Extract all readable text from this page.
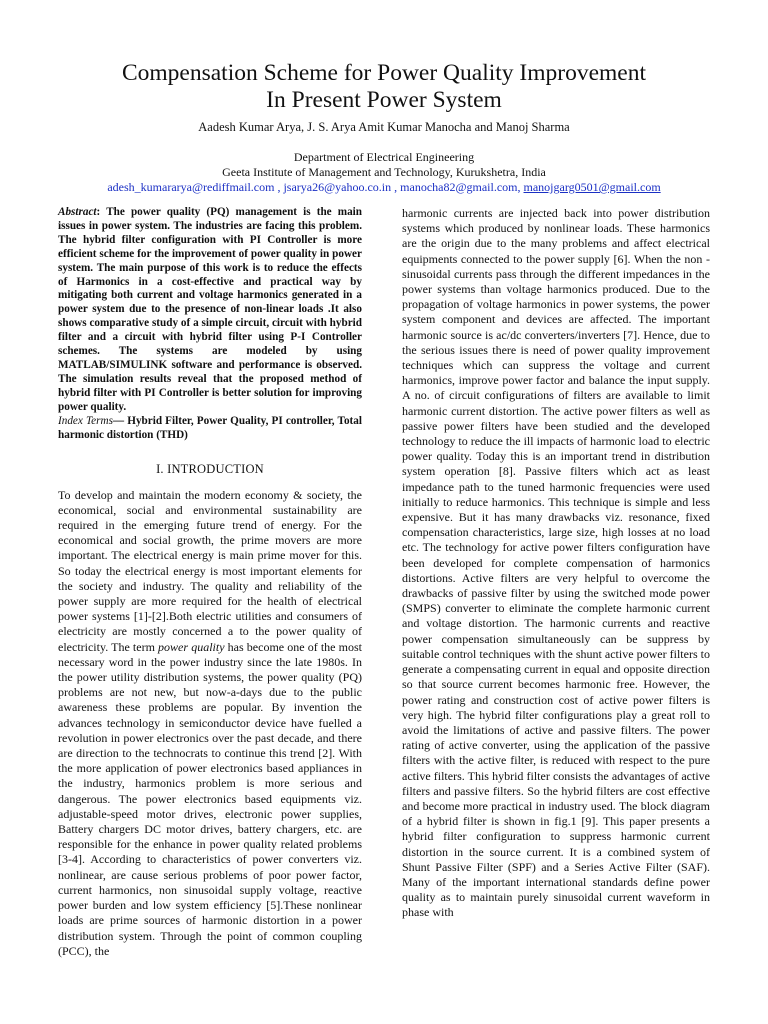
Compensation Scheme for Power Quality Improvement
In Present Power System
Aadesh Kumar Arya, J. S. Arya Amit Kumar Manocha and Manoj Sharma
Department of Electrical Engineering
Geeta Institute of Management and Technology, Kurukshetra, India
adesh_kumararya@rediffmail.com , jsarya26@yahoo.co.in , manocha82@gmail.com, manojgarg0501@gmail.com
Abstract: The power quality (PQ) management is the main issues in power system. The industries are facing this problem. The hybrid filter configuration with PI Controller is more efficient scheme for the improvement of power quality in power system. The main purpose of this work is to reduce the effects of Harmonics in a cost-effective and practical way by mitigating both current and voltage harmonics generated in a power system due to the presence of non-linear loads .It also shows comparative study of a simple circuit, circuit with hybrid filter and a circuit with hybrid filter using P-I Controller schemes. The systems are modeled by using MATLAB/SIMULINK software and performance is observed. The simulation results reveal that the proposed method of hybrid filter with PI Controller is better solution for improving power quality.
Index Terms— Hybrid Filter, Power Quality, PI controller, Total harmonic distortion (THD)
I. INTRODUCTION

To develop and maintain the modern economy & society, the economical, social and environmental sustainability are required in the emerging future trend of energy. For the economical and social growth, the prime movers are more important. The electrical energy is main prime mover for this. So today the electrical energy is most important elements for the society and industry. The quality and reliability of the power supply are more required for the health of electrical power systems [1]-[2].Both electric utilities and consumers of electricity are mostly concerned a to the power quality of electricity. The term power quality has become one of the most necessary word in the power industry since the late 1980s. In the power utility distribution systems, the power quality (PQ) problems are not new, but now-a-days due to the public awareness these problems are popular. By invention the advances technology in semiconductor device have fuelled a revolution in power electronics over the past decade, and there are direction to the technocrats to continue this trend [2]. With the more application of power electronics based appliances in the industry, harmonics problem is more serious and dangerous. The power electronics based equipments viz. adjustable-speed motor drives, electronic power supplies, Battery chargers DC motor drives, battery chargers, etc. are responsible for the enhance in power quality related problems [3-4]. According to characteristics of power converters viz. nonlinear, are cause serious problems of poor power factor, current harmonics, non sinusoidal supply voltage, reactive power burden and low system efficiency [5].These nonlinear loads are prime sources of harmonic distortion in a power distribution system. Through the point of common coupling (PCC), the

harmonic currents are injected back into power distribution systems which produced by nonlinear loads. These harmonics are the origin due to the many problems and affect electrical equipments connected to the power supply [6]. When the non - sinusoidal currents pass through the different impedances in the power systems than voltage harmonics produced. Due to the propagation of voltage harmonics in power systems, the power system component and devices are affected. The important harmonic source is ac/dc converters/inverters [7]. Hence, due to the serious issues there is need of power quality improvement techniques which can suppress the voltage and current harmonics, improve power factor and balance the input supply. A no. of circuit configurations of filters are available to limit harmonic current distortion. The active power filters as well as passive power filters have been studied and the developed technology to reduce the ill impacts of harmonic load to electric power quality. Today this is an important trend in distribution system operation [8]. Passive filters which act as least impedance path to the tuned harmonic frequencies were used initially to reduce harmonics. This technique is simple and less expensive. But it has many drawbacks viz. resonance, fixed compensation characteristics, large size, high losses at no load etc. The technology for active power filters configuration have been developed for complete compensation of harmonics distortions. Active filters are very helpful to overcome the drawbacks of passive filter by using the switched mode power (SMPS) converter to eliminate the complete harmonic current and voltage distortion. The harmonic currents and reactive power compensation simultaneously can be suppress by suitable control techniques with the shunt active power filters to generate a compensating current in equal and opposite direction so that source current becomes harmonic free. However, the power rating and construction cost of active power filters is very high. The hybrid filter configurations play a great roll to avoid the limitations of active and passive filters. The power rating of active converter, using the application of the passive filters with the active filter, is reduced with respect to the pure active filters. This hybrid filter consists the advantages of active filters and passive filters. So the hybrid filters are cost effective and become more practical in industry used. The block diagram of a hybrid filter is shown in fig.1 [9]. This paper presents a hybrid filter configuration to suppress harmonic current distortion in the source current. It is a combined system of Shunt Passive Filter (SPF) and a Series Active Filter (SAF). Many of the important international standards define power quality as to maintain purely sinusoidal current waveform in phase with
